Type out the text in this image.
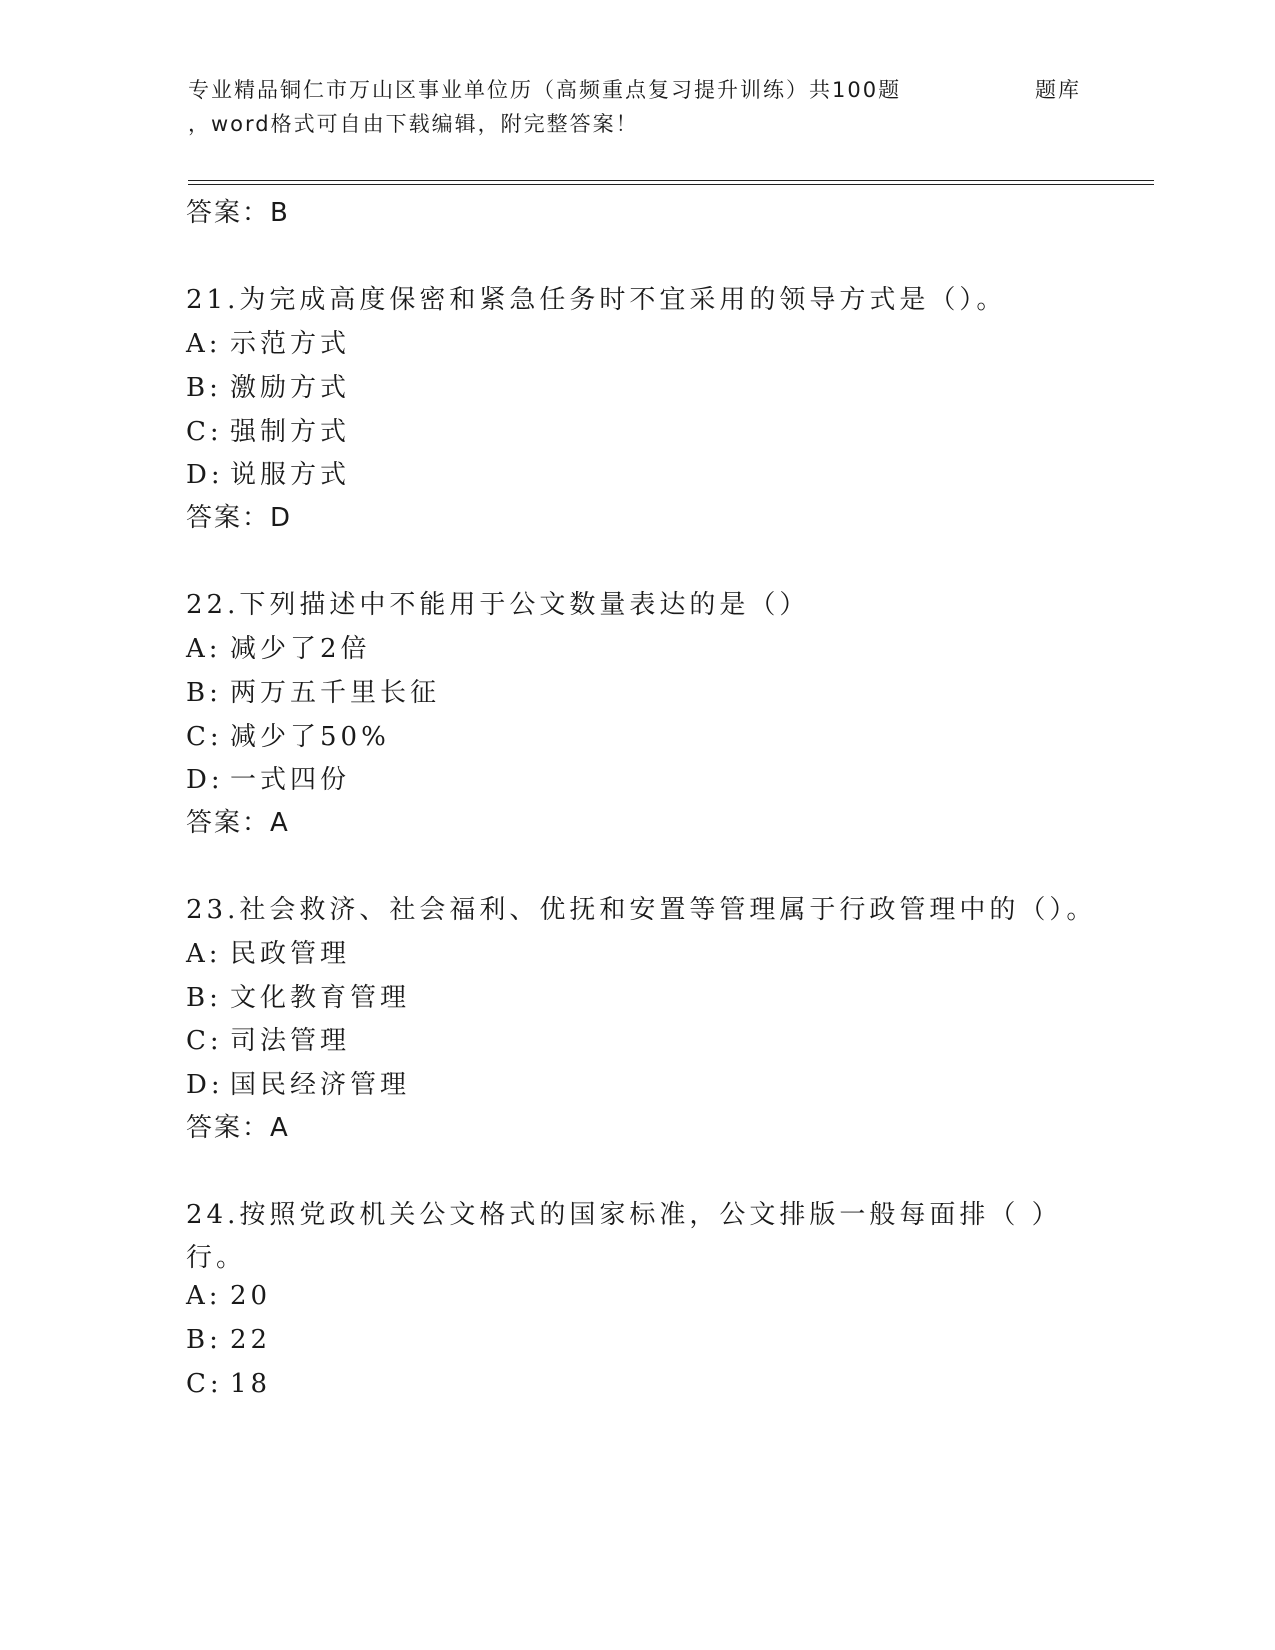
专业精品铜仁市万山区事业单位历（高频重点复习提升训练）共100题	题库
，word格式可自由下载编辑，附完整答案！
答案：B
21.为完成高度保密和紧急任务时不宜采用的领导方式是（）。
A: 示范方式
B: 激励方式
C: 强制方式
D: 说服方式
答案：D
22.下列描述中不能用于公文数量表达的是（）
A: 减少了2倍
B: 两万五千里长征
C: 减少了50%
D: 一式四份
答案：A
23.社会救济、社会福利、优抚和安置等管理属于行政管理中的（）。
A: 民政管理
B: 文化教育管理
C: 司法管理
D: 国民经济管理
答案：A
24.按照党政机关公文格式的国家标准，公文排版一般每面排（ ）
行。
A: 20
B: 22
C: 18
